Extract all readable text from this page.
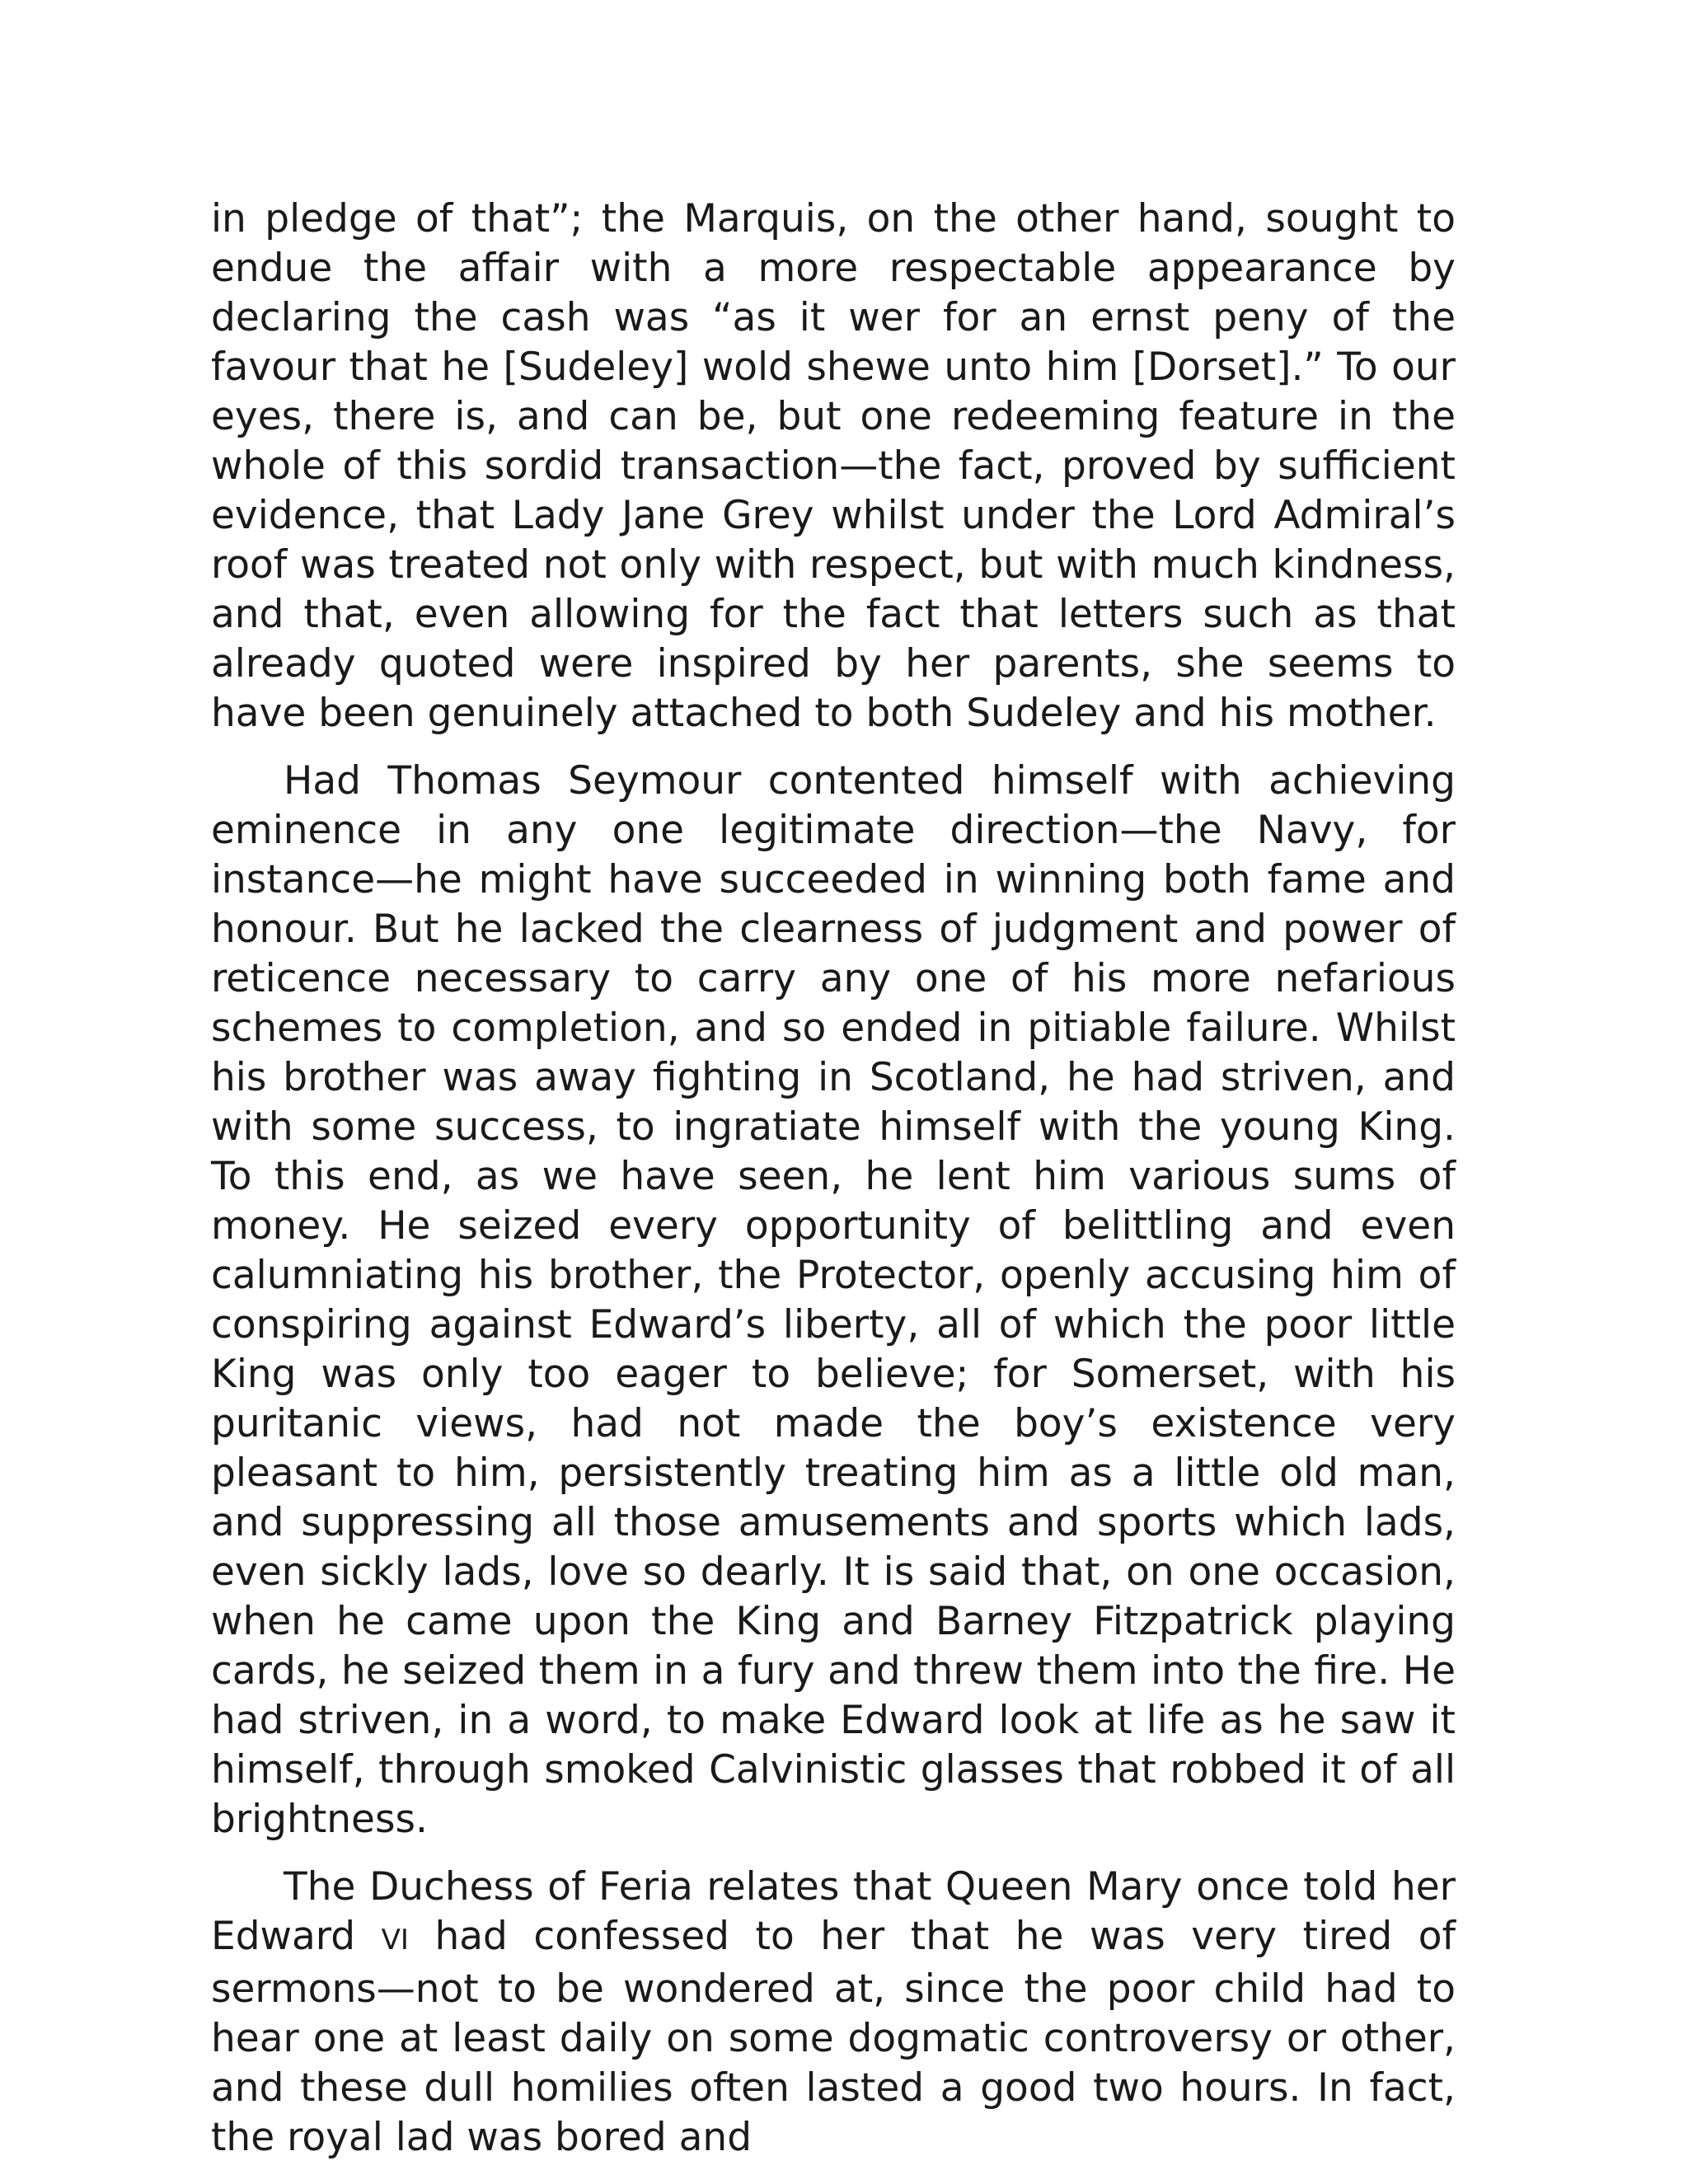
in pledge of that”; the Marquis, on the other hand, sought to endue the affair with a more respectable appearance by declaring the cash was “as it wer for an ernst peny of the favour that he [Sudeley] wold shewe unto him [Dorset].” To our eyes, there is, and can be, but one redeeming feature in the whole of this sordid transaction—the fact, proved by sufficient evidence, that Lady Jane Grey whilst under the Lord Admiral’s roof was treated not only with respect, but with much kindness, and that, even allowing for the fact that letters such as that already quoted were inspired by her parents, she seems to have been genuinely attached to both Sudeley and his mother.

Had Thomas Seymour contented himself with achieving eminence in any one legitimate direction—the Navy, for instance—he might have succeeded in winning both fame and honour. But he lacked the clearness of judgment and power of reticence necessary to carry any one of his more nefarious schemes to completion, and so ended in pitiable failure. Whilst his brother was away fighting in Scotland, he had striven, and with some success, to ingratiate himself with the young King. To this end, as we have seen, he lent him various sums of money. He seized every opportunity of belittling and even calumniating his brother, the Protector, openly accusing him of conspiring against Edward’s liberty, all of which the poor little King was only too eager to believe; for Somerset, with his puritanic views, had not made the boy’s existence very pleasant to him, persistently treating him as a little old man, and suppressing all those amusements and sports which lads, even sickly lads, love so dearly. It is said that, on one occasion, when he came upon the King and Barney Fitzpatrick playing cards, he seized them in a fury and threw them into the fire. He had striven, in a word, to make Edward look at life as he saw it himself, through smoked Calvinistic glasses that robbed it of all brightness.

The Duchess of Feria relates that Queen Mary once told her Edward VI had confessed to her that he was very tired of sermons—not to be wondered at, since the poor child had to hear one at least daily on some dogmatic controversy or other, and these dull homilies often lasted a good two hours. In fact, the royal lad was bored and
